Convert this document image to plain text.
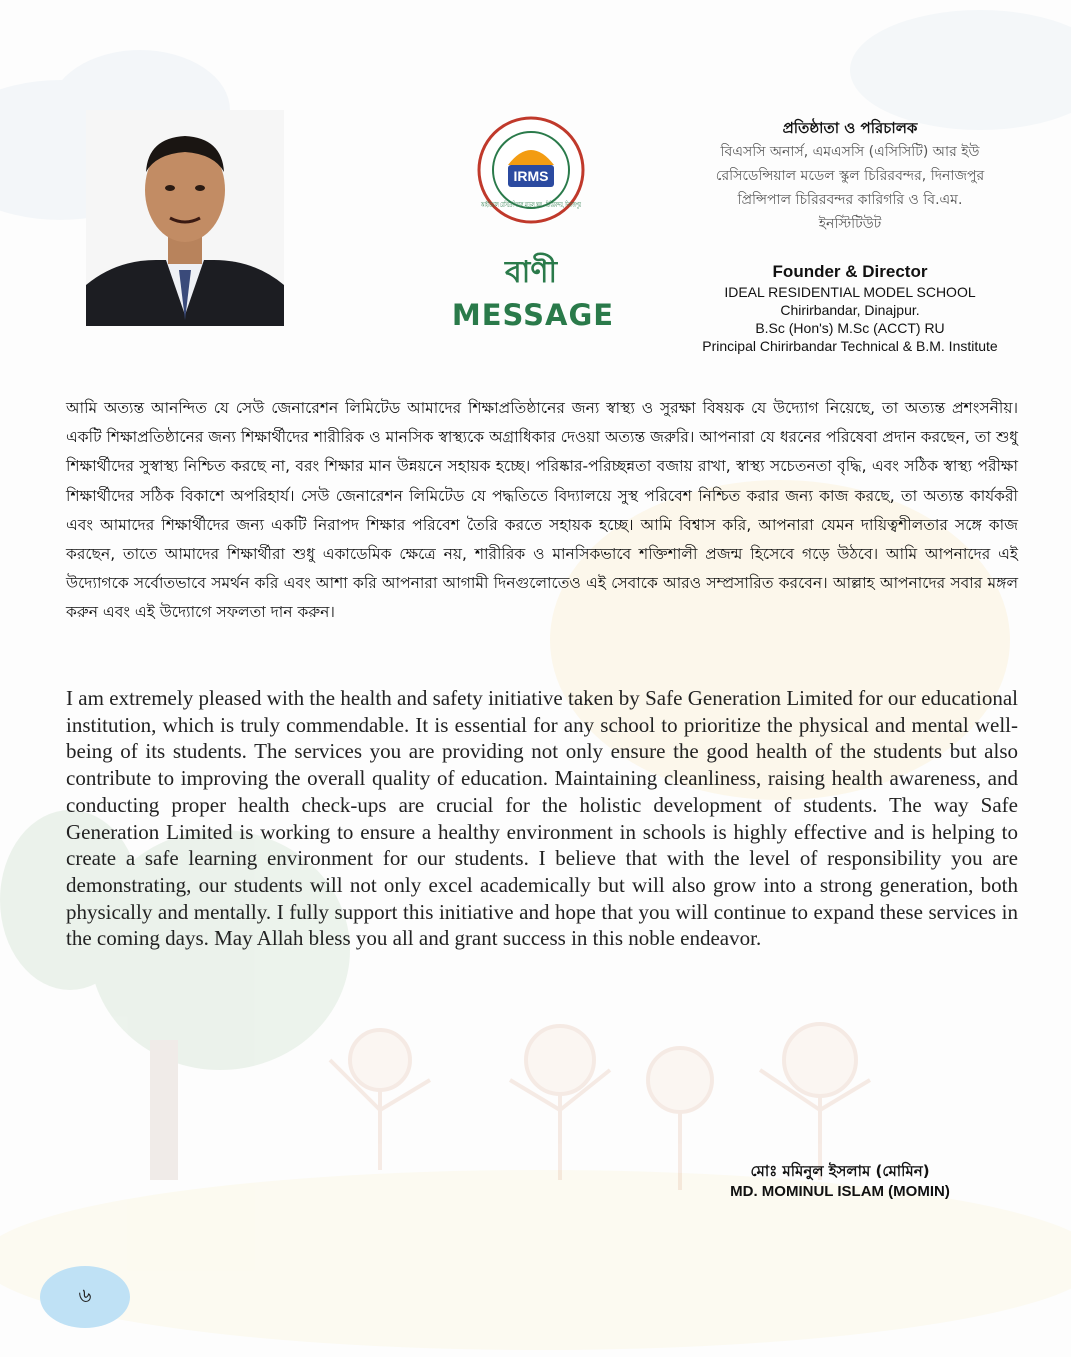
IRMS
আইডিয়াল রেসিডেন্সিয়াল মডেল স্কুল · চিরিরবন্দর, দিনাজপুর
বাণী
MESSAGE
প্রতিষ্ঠাতা ও পরিচালক
বিএসসি অনার্স, এমএসসি (এসিসিটি) আর ইউ
রেসিডেন্সিয়াল মডেল স্কুল চিরিরবন্দর, দিনাজপুর
প্রিন্সিপাল চিরিরবন্দর কারিগরি ও বি.এম.
ইনস্টিটিউট
Founder & Director
IDEAL RESIDENTIAL MODEL SCHOOL
Chirirbandar, Dinajpur.
B.Sc (Hon's) M.Sc (ACCT) RU
Principal Chirirbandar Technical & B.M. Institute

আমি অত্যন্ত আনন্দিত যে সেউ জেনারেশন লিমিটেড আমাদের শিক্ষাপ্রতিষ্ঠানের জন্য স্বাস্থ্য ও সুরক্ষা বিষয়ক যে উদ্যোগ নিয়েছে, তা অত্যন্ত প্রশংসনীয়। একটি শিক্ষাপ্রতিষ্ঠানের জন্য শিক্ষার্থীদের শারীরিক ও মানসিক স্বাস্থ্যকে অগ্রাধিকার দেওয়া অত্যন্ত জরুরি। আপনারা যে ধরনের পরিষেবা প্রদান করছেন, তা শুধু শিক্ষার্থীদের সুস্বাস্থ্য নিশ্চিত করছে না, বরং শিক্ষার মান উন্নয়নে সহায়ক হচ্ছে। পরিষ্কার-পরিচ্ছন্নতা বজায় রাখা, স্বাস্থ্য সচেতনতা বৃদ্ধি, এবং সঠিক স্বাস্থ্য পরীক্ষা শিক্ষার্থীদের সঠিক বিকাশে অপরিহার্য। সেউ জেনারেশন লিমিটেড যে পদ্ধতিতে বিদ্যালয়ে সুস্থ পরিবেশ নিশ্চিত করার জন্য কাজ করছে, তা অত্যন্ত কার্যকরী এবং আমাদের শিক্ষার্থীদের জন্য একটি নিরাপদ শিক্ষার পরিবেশ তৈরি করতে সহায়ক হচ্ছে। আমি বিশ্বাস করি, আপনারা যেমন দায়িত্বশীলতার সঙ্গে কাজ করছেন, তাতে আমাদের শিক্ষার্থীরা শুধু একাডেমিক ক্ষেত্রে নয়, শারীরিক ও মানসিকভাবে শক্তিশালী প্রজন্ম হিসেবে গড়ে উঠবে। আমি আপনাদের এই উদ্যোগকে সর্বোতভাবে সমর্থন করি এবং আশা করি আপনারা আগামী দিনগুলোতেও এই সেবাকে আরও সম্প্রসারিত করবেন। আল্লাহ আপনাদের সবার মঙ্গল করুন এবং এই উদ্যোগে সফলতা দান করুন।

I am extremely pleased with the health and safety initiative taken by Safe Generation Limited for our educational institution, which is truly commendable. It is essential for any school to prioritize the physical and mental well-being of its students. The services you are providing not only ensure the good health of the students but also contribute to improving the overall quality of education. Maintaining cleanliness, raising health awareness, and conducting proper health check-ups are crucial for the holistic development of students. The way Safe Generation Limited is working to ensure a healthy environment in schools is highly effective and is helping to create a safe learning environment for our students. I believe that with the level of responsibility you are demonstrating, our students will not only excel academically but will also grow into a strong generation, both physically and mentally. I fully support this initiative and hope that you will continue to expand these services in the coming days. May Allah bless you all and grant success in this noble endeavor.

মোঃ মমিনুল ইসলাম (মোমিন)
MD. MOMINUL ISLAM (MOMIN)
৬
